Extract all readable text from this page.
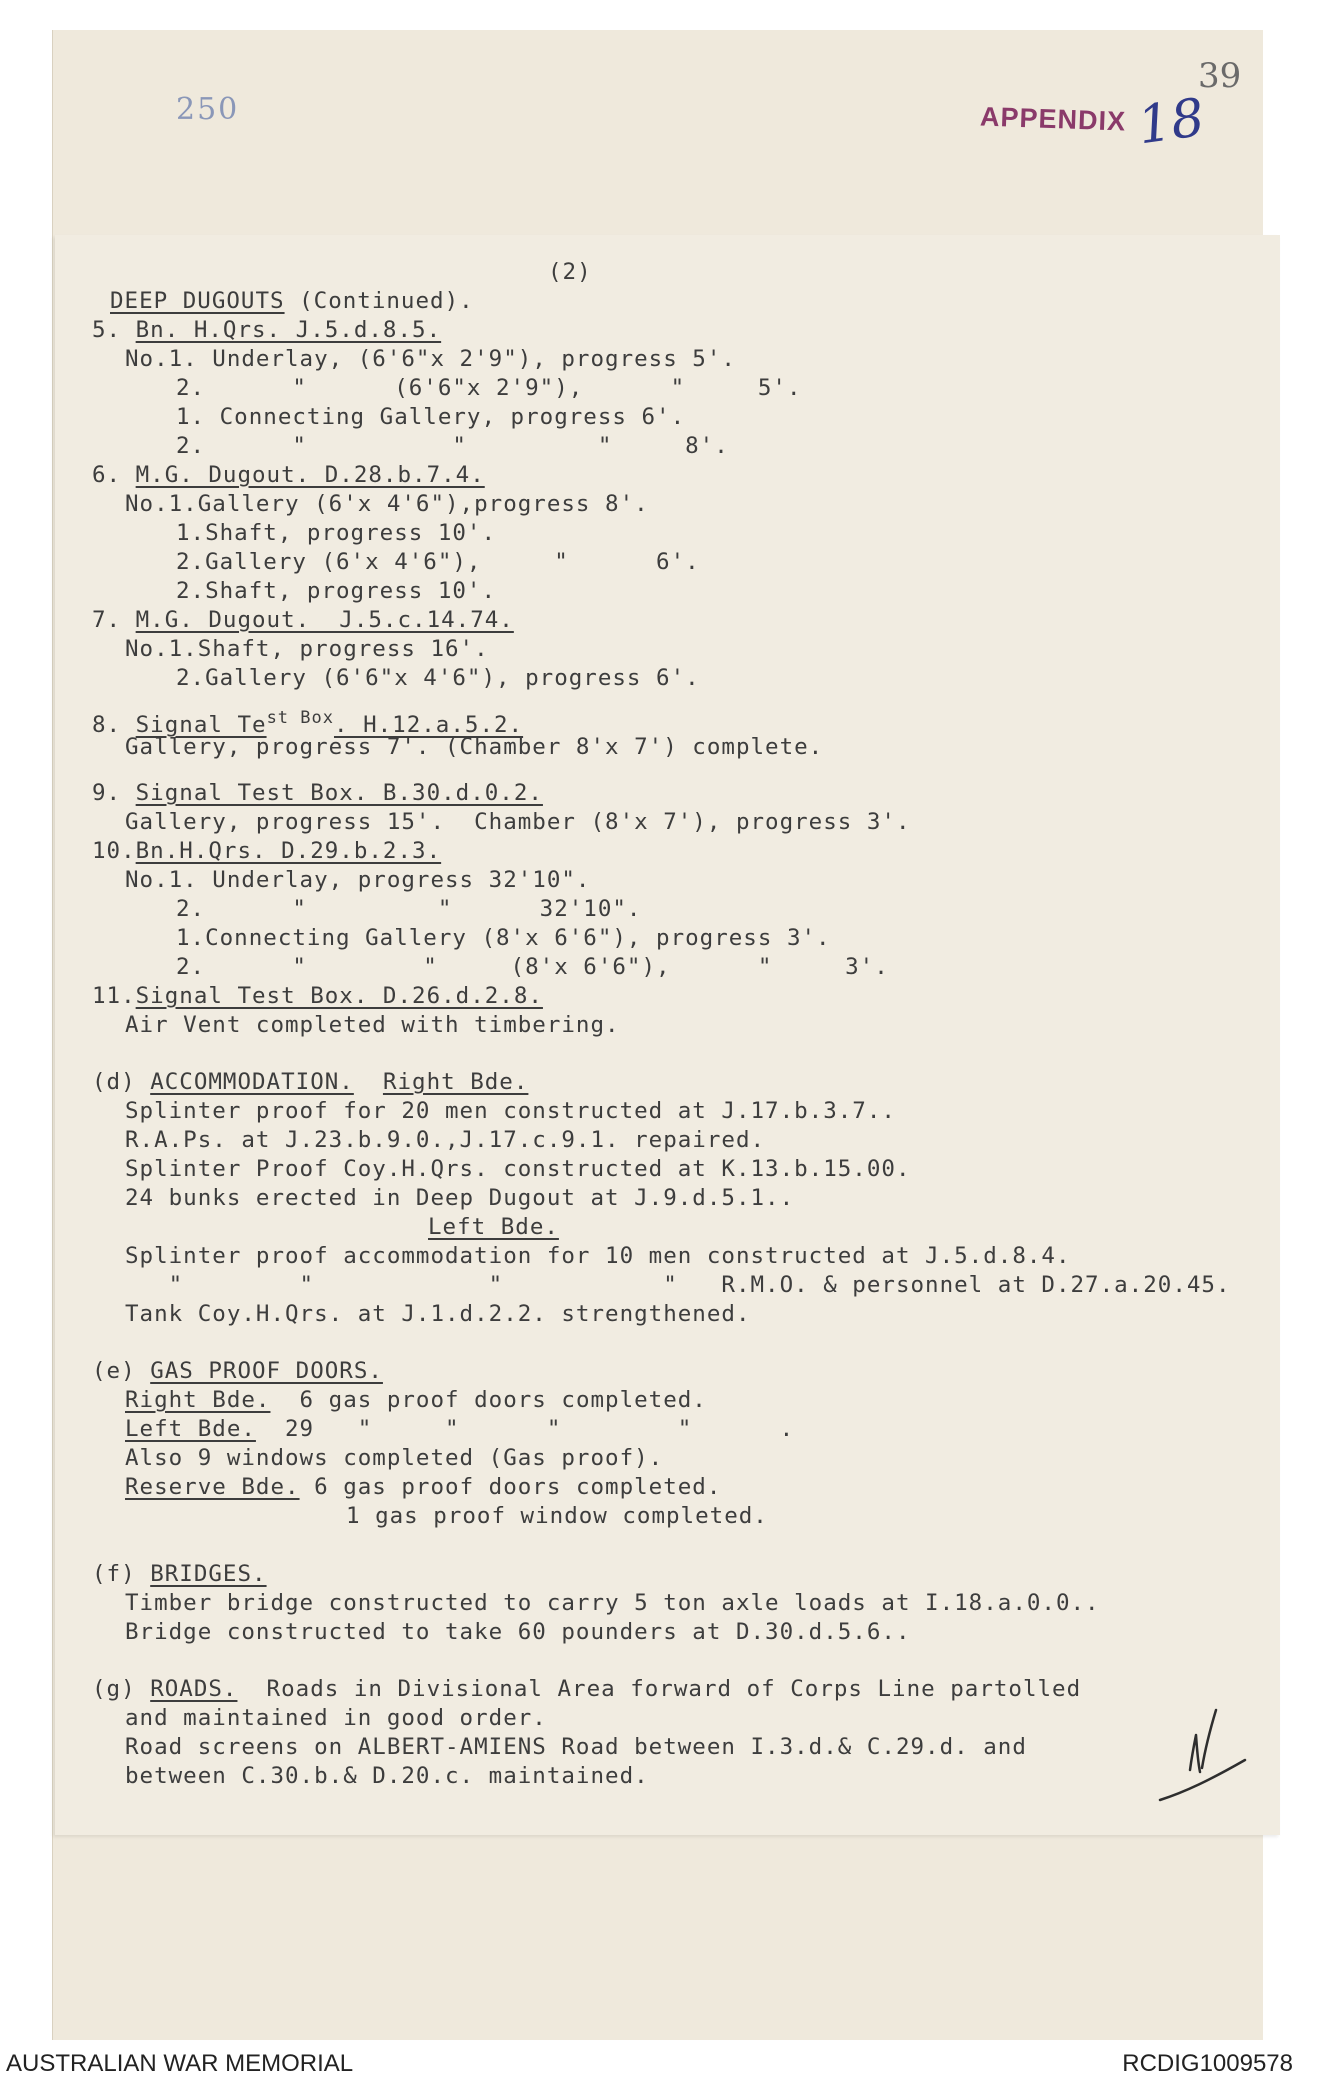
250	APPENDIX 18
39
(2)
DEEP DUGOUTS (Continued).
5. Bn. H.Qrs. J.5.d.8.5.
No.1. Underlay, (6'6"x 2'9"), progress 5'.
2.      "      (6'6"x 2'9"),      "     5'.
1. Connecting Gallery, progress 6'.
2.      "          "         "     8'.
6. M.G. Dugout. D.28.b.7.4.
No.1.Gallery (6'x 4'6"),progress 8'.
1.Shaft, progress 10'.
2.Gallery (6'x 4'6"),     "      6'.
2.Shaft, progress 10'.
7. M.G. Dugout.  J.5.c.14.74.
No.1.Shaft, progress 16'.
2.Gallery (6'6"x 4'6"), progress 6'.
8. Signal $Te^{st Box}$. H.12.a.5.2.
Gallery, progress 7'. (Chamber 8'x 7') complete.
9. Signal Test Box. B.30.d.0.2.
Gallery, progress 15'.  Chamber (8'x 7'), progress 3'.
10.Bn.H.Qrs. D.29.b.2.3.
No.1. Underlay, progress 32'10".
2.      "         "      32'10".
1.Connecting Gallery (8'x 6'6"), progress 3'.
2.      "        "     (8'x 6'6"),      "     3'.
11.Signal Test Box. D.26.d.2.8.
Air Vent completed with timbering.
(d) ACCOMMODATION. Right Bde.
Splinter proof for 20 men constructed at J.17.b.3.7..
R.A.Ps. at J.23.b.9.0.,J.17.c.9.1. repaired.
Splinter Proof Coy.H.Qrs. constructed at K.13.b.15.00.
24 bunks erected in Deep Dugout at J.9.d.5.1..
Left Bde.
Splinter proof accommodation for 10 men constructed at J.5.d.8.4.
"        "            "           "   R.M.O. & personnel at D.27.a.20.45.
Tank Coy.H.Qrs. at J.1.d.2.2. strengthened.
(e) GAS PROOF DOORS.
Right Bde.  6 gas proof doors completed.
Left Bde.  29   "     "      "        "      .
Also 9 windows completed (Gas proof).
Reserve Bde. 6 gas proof doors completed.
1 gas proof window completed.
(f) BRIDGES.
Timber bridge constructed to carry 5 ton axle loads at I.18.a.0.0..
Bridge constructed to take 60 pounders at D.30.d.5.6..
(g) ROADS.  Roads in Divisional Area forward of Corps Line partolled
and maintained in good order.
Road screens on ALBERT-AMIENS Road between I.3.d.& C.29.d. and
between C.30.b.& D.20.c. maintained.
AUSTRALIAN WAR MEMORIAL	RCDIG1009578
